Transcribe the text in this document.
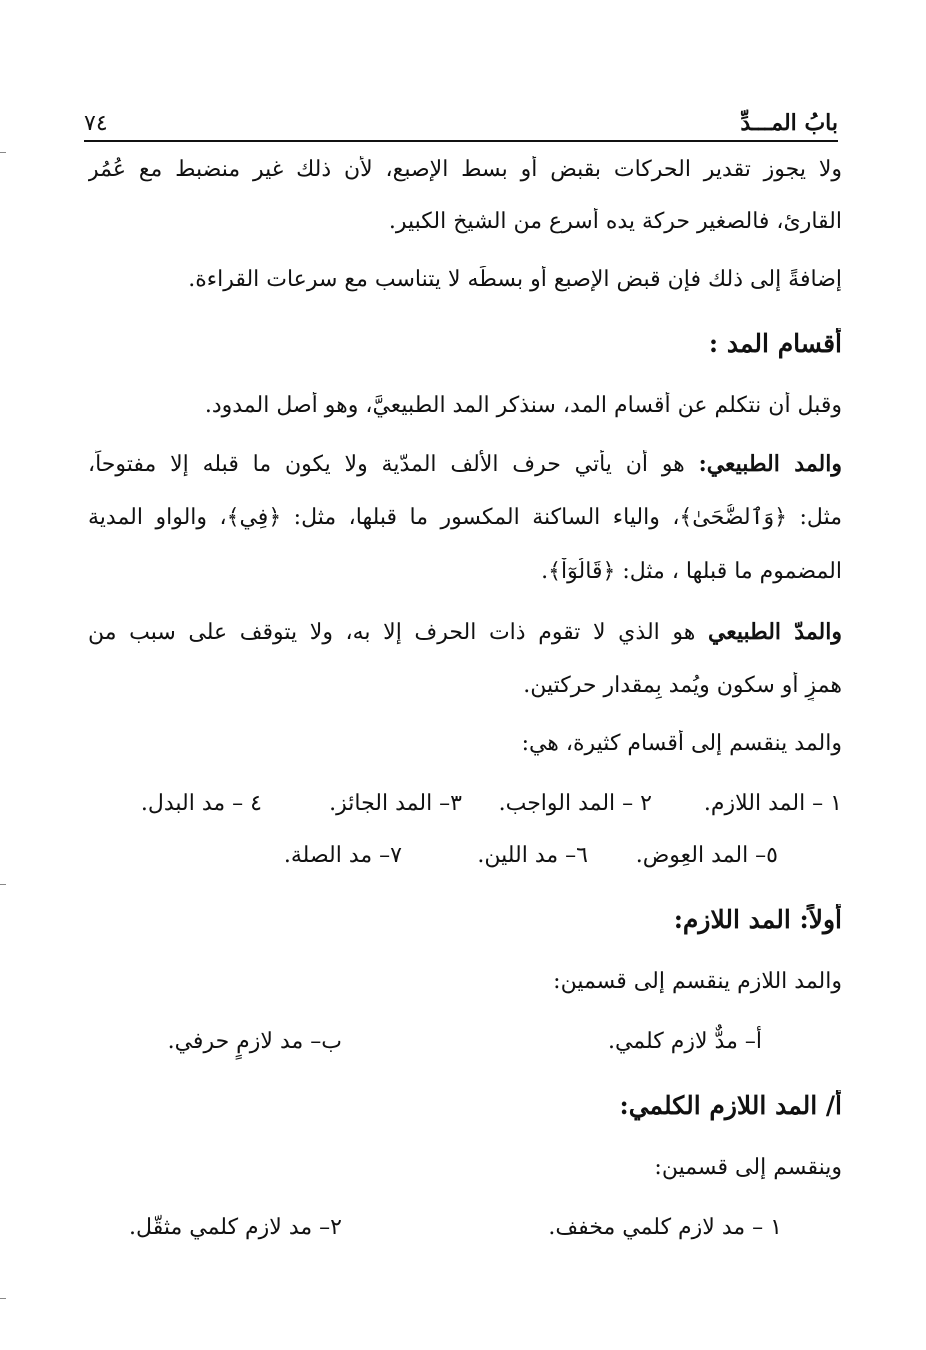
بابُ المـــدِّ
٧٤
ولا يجوز تقدير الحركات بقبض أو بسط الإصبع، لأن ذلك غير منضبط مع عُمُر
القارئ، فالصغير حركة يده أسرع من الشيخ الكبير.
إضافةً إلى ذلك فإن قبض الإصبع أو بسطَه لا يتناسب مع سرعات القراءة.
أقسام المد :
وقبل أن نتكلم عن أقسام المد، سنذكر المد الطبيعيَّ، وهو أصل المدود.
والمد الطبيعي: هو أن يأتي حرف الألف المدّية ولا يكون ما قبله إلا مفتوحاً،
مثل: ﴿وَٱلضُّحَىٰ﴾، والياء الساكنة المكسور ما قبلها، مثل: ﴿فِي﴾، والواو المدية
المضموم ما قبلها ، مثل: ﴿قَالُوٓاْ﴾.
والمدّ الطبيعي هو الذي لا تقوم ذات الحرف إلا به، ولا يتوقف على سبب من
همزٍ أو سكون ويُمد بِمقدار حركتين.
والمد ينقسم إلى أقسام كثيرة، هي:
١ – المد اللازم.
٢ – المد الواجب.
٣– المد الجائز.
٤ – مد البدل.
٥– المد العِوض.
٦– مد اللين.
٧– مد الصلة.
أولاً: المد اللازم:
والمد اللازم ينقسم إلى قسمين:
أ– مدٌّ لازم كلمي.
ب– مد لازمٍ حرفي.
أ/ المد اللازم الكلمي:
وينقسم إلى قسمين:
١ – مد لازم كلمي مخفف.
٢– مد لازم كلمي مثقّل.
